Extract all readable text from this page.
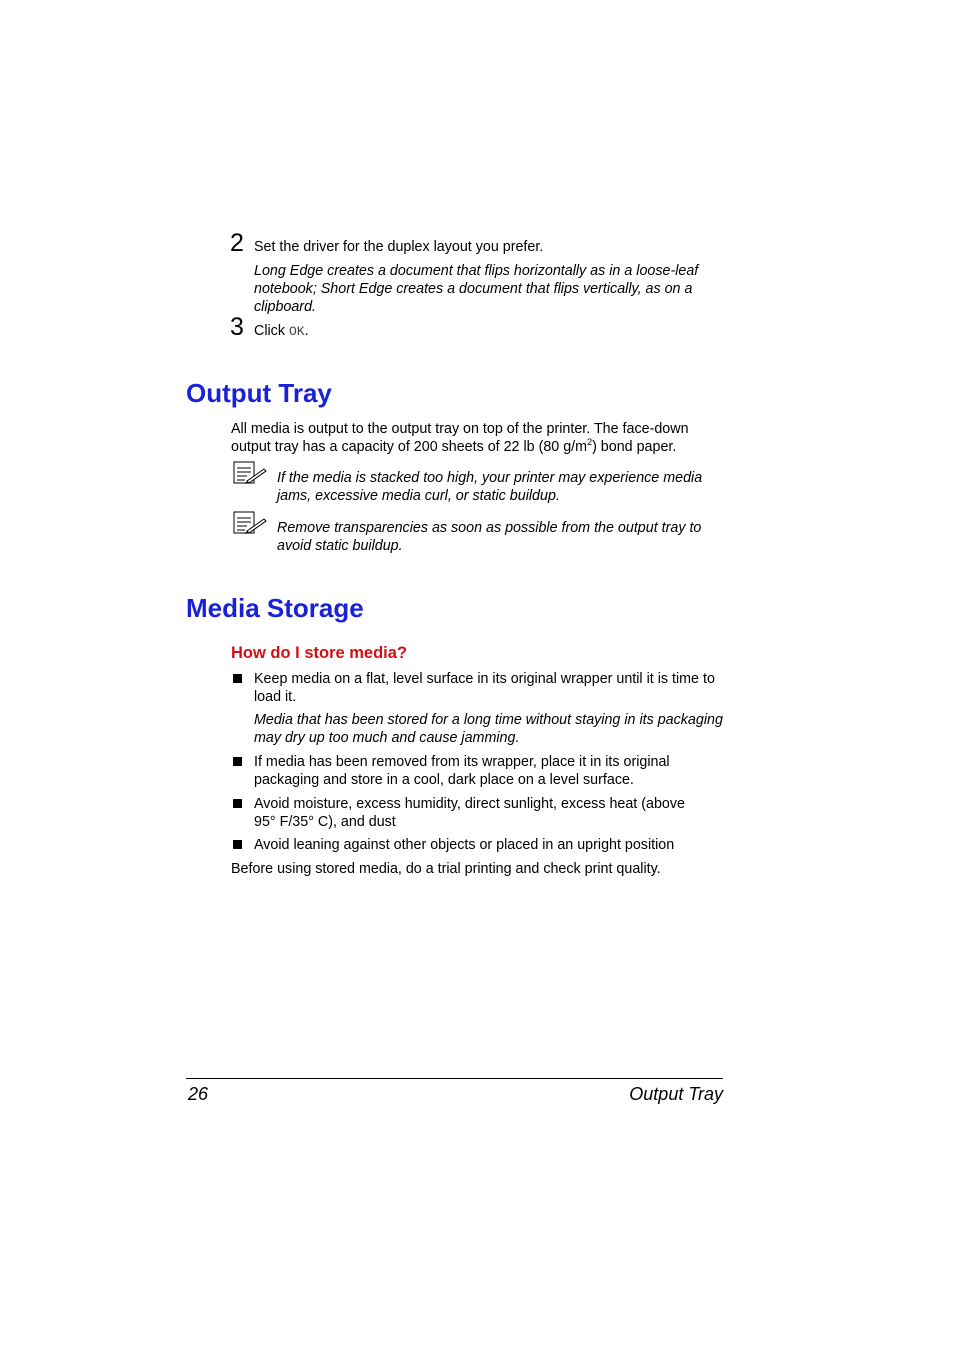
2 Set the driver for the duplex layout you prefer.
Long Edge creates a document that flips horizontally as in a loose-leaf notebook; Short Edge creates a document that flips vertically, as on a clipboard.
3 Click OK.
Output Tray
All media is output to the output tray on top of the printer. The face-down output tray has a capacity of 200 sheets of 22 lb (80 $g/m^2$) bond paper.
If the media is stacked too high, your printer may experience media jams, excessive media curl, or static buildup.
Remove transparencies as soon as possible from the output tray to avoid static buildup.
Media Storage
How do I store media?
Keep media on a flat, level surface in its original wrapper until it is time to load it.
Media that has been stored for a long time without staying in its packaging may dry up too much and cause jamming.
If media has been removed from its wrapper, place it in its original packaging and store in a cool, dark place on a level surface.
Avoid moisture, excess humidity, direct sunlight, excess heat (above 95° F/35° C), and dust
Avoid leaning against other objects or placed in an upright position
Before using stored media, do a trial printing and check print quality.
26	Output Tray
